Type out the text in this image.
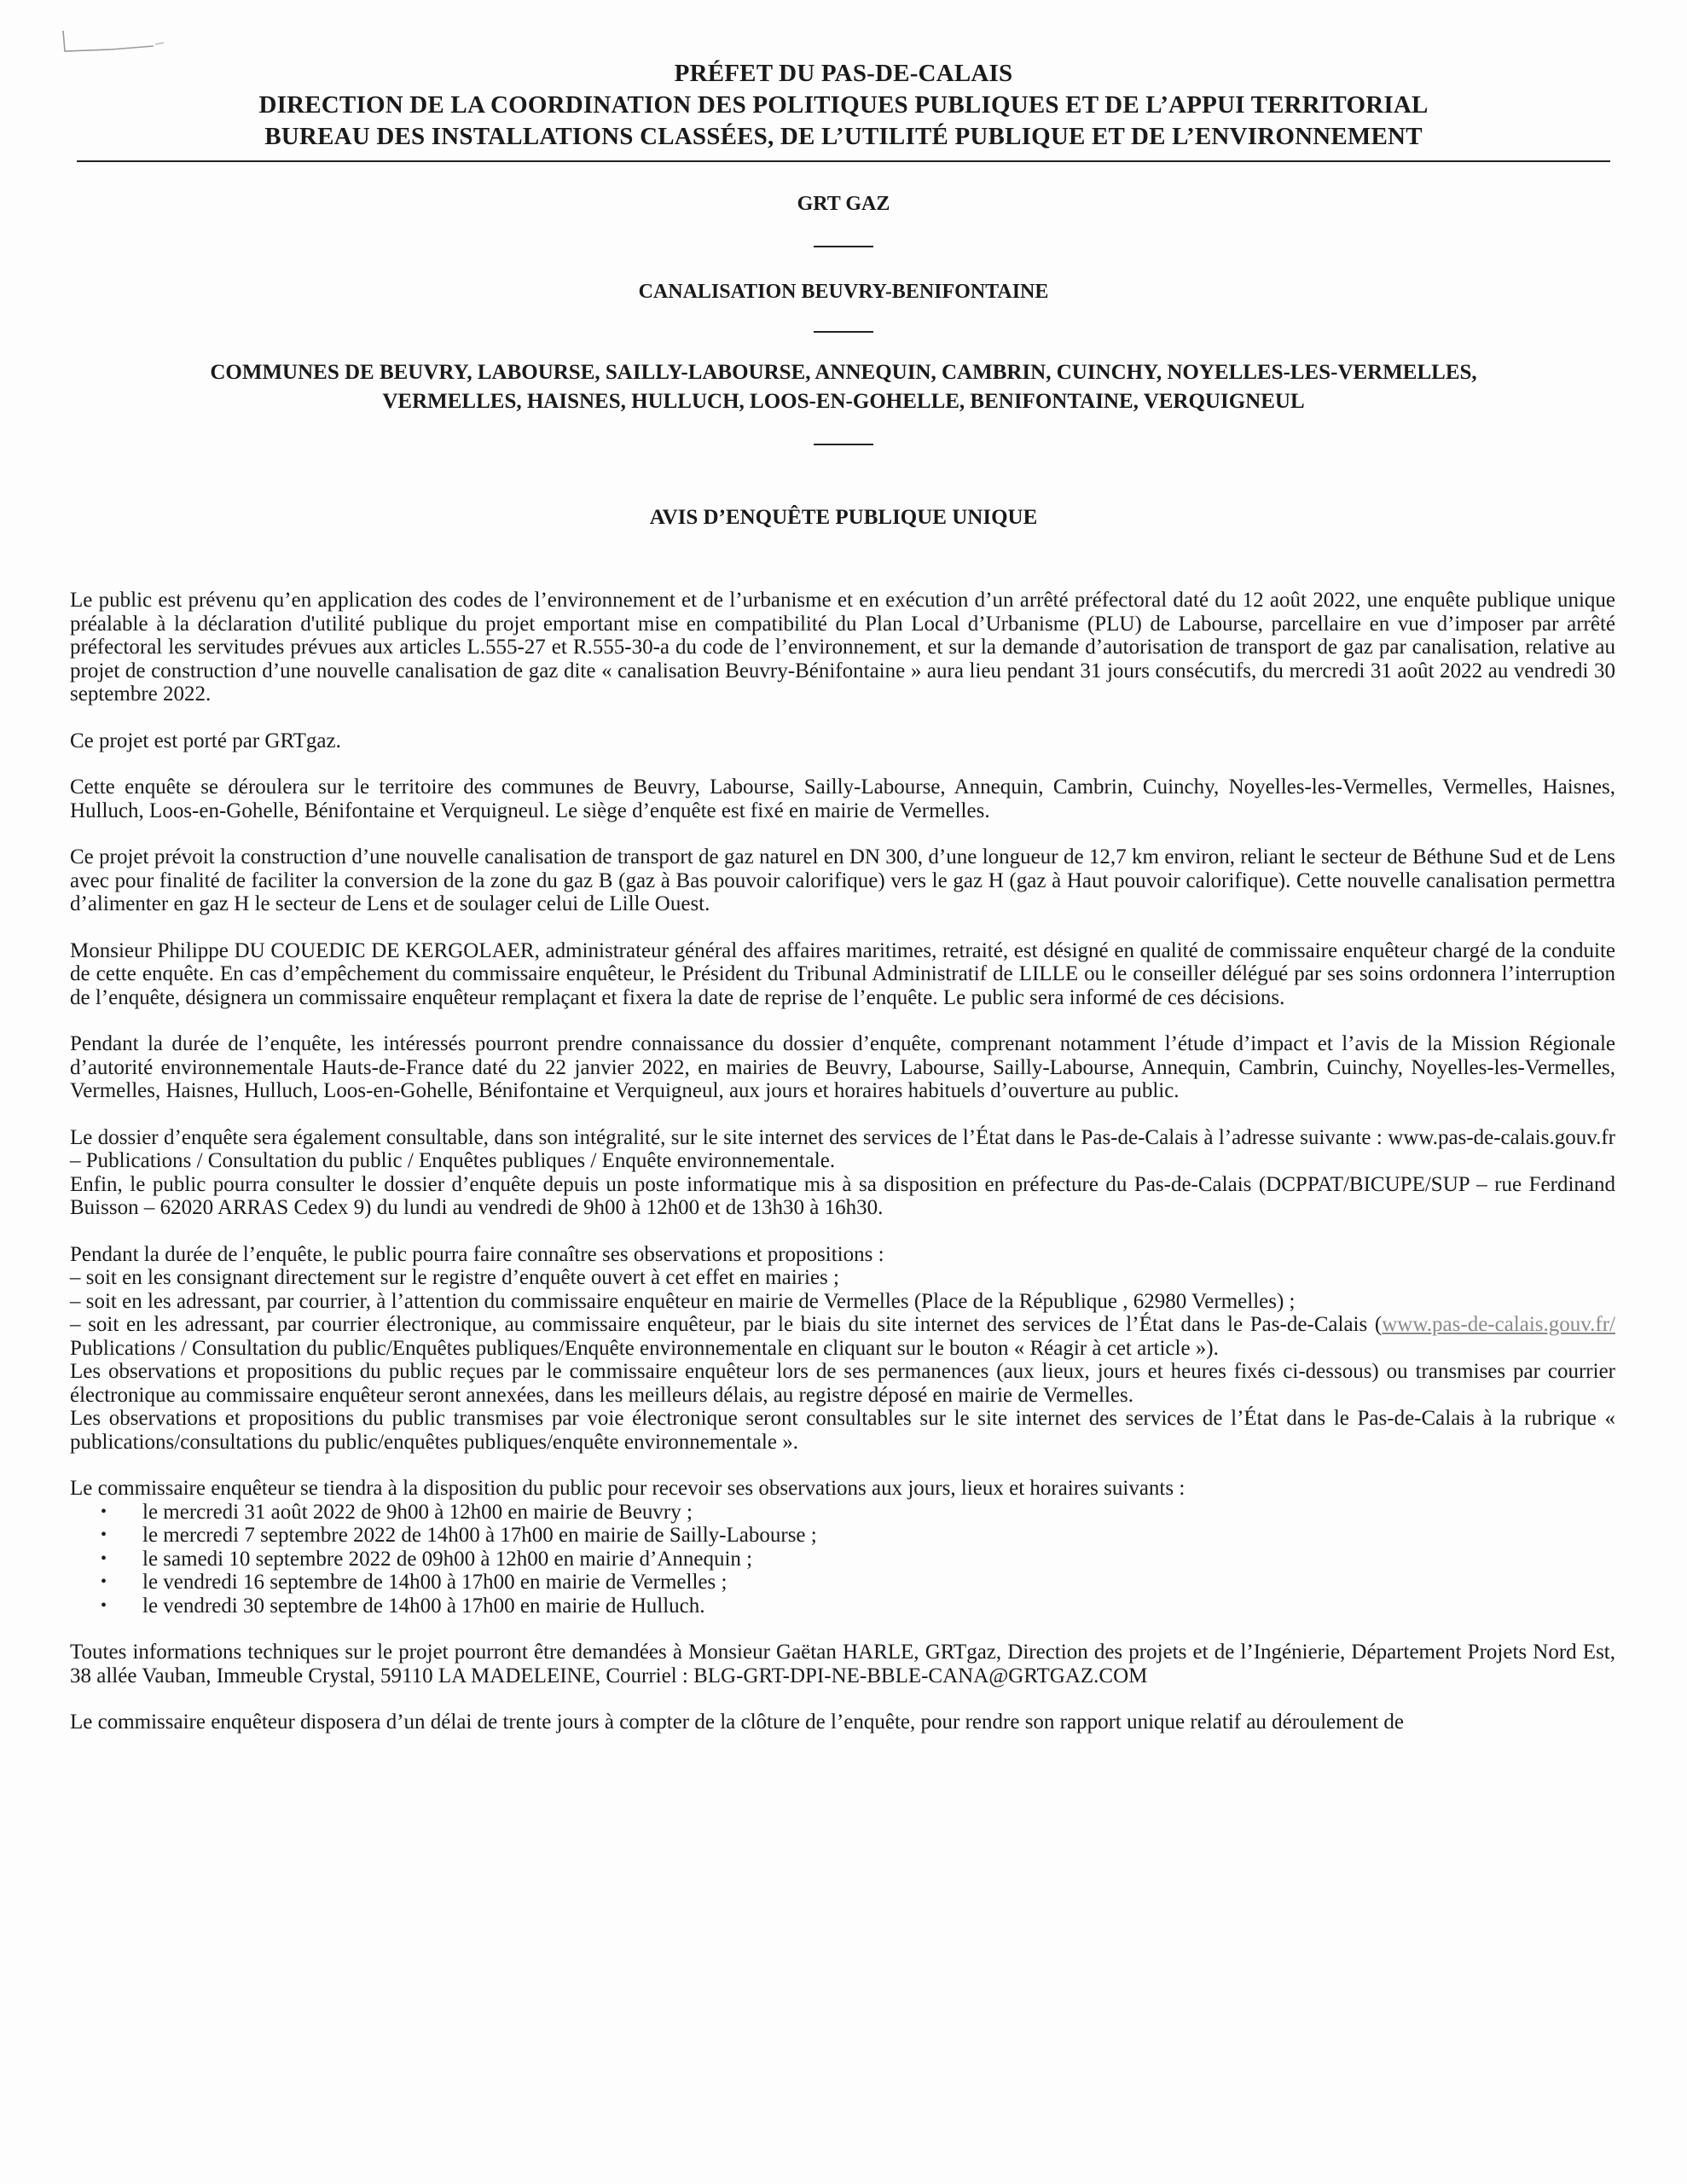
PRÉFET DU PAS-DE-CALAIS
DIRECTION DE LA COORDINATION DES POLITIQUES PUBLIQUES ET DE L’APPUI TERRITORIAL
BUREAU DES INSTALLATIONS CLASSÉES, DE L’UTILITÉ PUBLIQUE ET DE L’ENVIRONNEMENT
GRT GAZ
CANALISATION BEUVRY-BENIFONTAINE
COMMUNES DE BEUVRY, LABOURSE, SAILLY-LABOURSE, ANNEQUIN, CAMBRIN, CUINCHY, NOYELLES-LES-VERMELLES,
VERMELLES, HAISNES, HULLUCH, LOOS-EN-GOHELLE, BENIFONTAINE, VERQUIGNEUL
AVIS D’ENQUÊTE PUBLIQUE UNIQUE

Le public est prévenu qu’en application des codes de l’environnement et de l’urbanisme et en exécution d’un arrêté préfectoral daté du 12 août 2022, une enquête publique unique préalable à la déclaration d'utilité publique du projet emportant mise en compatibilité du Plan Local d’Urbanisme (PLU) de Labourse, parcellaire en vue d’imposer par arrêté préfectoral les servitudes prévues aux articles L.555-27 et R.555-30-a du code de l’environnement, et sur la demande d’autorisation de transport de gaz par canalisation, relative au projet de construction d’une nouvelle canalisation de gaz dite « canalisation Beuvry-Bénifontaine » aura lieu pendant 31 jours consécutifs, du mercredi 31 août 2022 au vendredi 30 septembre 2022.

Ce projet est porté par GRTgaz.

Cette enquête se déroulera sur le territoire des communes de Beuvry, Labourse, Sailly-Labourse, Annequin, Cambrin, Cuinchy, Noyelles-les-Vermelles, Vermelles, Haisnes, Hulluch, Loos-en-Gohelle, Bénifontaine et Verquigneul. Le siège d’enquête est fixé en mairie de Vermelles.

Ce projet prévoit la construction d’une nouvelle canalisation de transport de gaz naturel en DN 300, d’une longueur de 12,7 km environ, reliant le secteur de Béthune Sud et de Lens avec pour finalité de faciliter la conversion de la zone du gaz B (gaz à Bas pouvoir calorifique) vers le gaz H (gaz à Haut pouvoir calorifique). Cette nouvelle canalisation permettra d’alimenter en gaz H le secteur de Lens et de soulager celui de Lille Ouest.

Monsieur Philippe DU COUEDIC DE KERGOLAER, administrateur général des affaires maritimes, retraité, est désigné en qualité de commissaire enquêteur chargé de la conduite de cette enquête. En cas d’empêchement du commissaire enquêteur, le Président du Tribunal Administratif de LILLE ou le conseiller délégué par ses soins ordonnera l’interruption de l’enquête, désignera un commissaire enquêteur remplaçant et fixera la date de reprise de l’enquête. Le public sera informé de ces décisions.

Pendant la durée de l’enquête, les intéressés pourront prendre connaissance du dossier d’enquête, comprenant notamment l’étude d’impact et l’avis de la Mission Régionale d’autorité environnementale Hauts-de-France daté du 22 janvier 2022, en mairies de Beuvry, Labourse, Sailly-Labourse, Annequin, Cambrin, Cuinchy, Noyelles-les-Vermelles, Vermelles, Haisnes, Hulluch, Loos-en-Gohelle, Bénifontaine et Verquigneul, aux jours et horaires habituels d’ouverture au public.

Le dossier d’enquête sera également consultable, dans son intégralité, sur le site internet des services de l’État dans le Pas-de-Calais à l’adresse suivante : www.pas-de-calais.gouv.fr – Publications / Consultation du public / Enquêtes publiques / Enquête environnementale.

Enfin, le public pourra consulter le dossier d’enquête depuis un poste informatique mis à sa disposition en préfecture du Pas-de-Calais (DCPPAT/BICUPE/SUP – rue Ferdinand Buisson – 62020 ARRAS Cedex 9) du lundi au vendredi de 9h00 à 12h00 et de 13h30 à 16h30.

Pendant la durée de l’enquête, le public pourra faire connaître ses observations et propositions :

– soit en les consignant directement sur le registre d’enquête ouvert à cet effet en mairies ;
– soit en les adressant, par courrier, à l’attention du commissaire enquêteur en mairie de Vermelles (Place de la République , 62980 Vermelles) ;
– soit en les adressant, par courrier électronique, au commissaire enquêteur, par le biais du site internet des services de l’État dans le Pas-de-Calais (www.pas-de-calais.gouv.fr/ Publications / Consultation du public/Enquêtes publiques/Enquête environnementale en cliquant sur le bouton « Réagir à cet article »).

Les observations et propositions du public reçues par le commissaire enquêteur lors de ses permanences (aux lieux, jours et heures fixés ci-dessous) ou transmises par courrier électronique au commissaire enquêteur seront annexées, dans les meilleurs délais, au registre déposé en mairie de Vermelles.

Les observations et propositions du public transmises par voie électronique seront consultables sur le site internet des services de l’État dans le Pas-de-Calais à la rubrique « publications/consultations du public/enquêtes publiques/enquête environnementale ».

Le commissaire enquêteur se tiendra à la disposition du public pour recevoir ses observations aux jours, lieux et horaires suivants :

• le mercredi 31 août 2022 de 9h00 à 12h00 en mairie de Beuvry ;
• le mercredi 7 septembre 2022 de 14h00 à 17h00 en mairie de Sailly-Labourse ;
• le samedi 10 septembre 2022 de 09h00 à 12h00 en mairie d’Annequin ;
• le vendredi 16 septembre de 14h00 à 17h00 en mairie de Vermelles ;
• le vendredi 30 septembre de 14h00 à 17h00 en mairie de Hulluch.

Toutes informations techniques sur le projet pourront être demandées à Monsieur Gaëtan HARLE, GRTgaz, Direction des projets et de l’Ingénierie, Département Projets Nord Est, 38 allée Vauban, Immeuble Crystal, 59110 LA MADELEINE, Courriel : BLG-GRT-DPI-NE-BBLE-CANA@GRTGAZ.COM

Le commissaire enquêteur disposera d’un délai de trente jours à compter de la clôture de l’enquête, pour rendre son rapport unique relatif au déroulement de
